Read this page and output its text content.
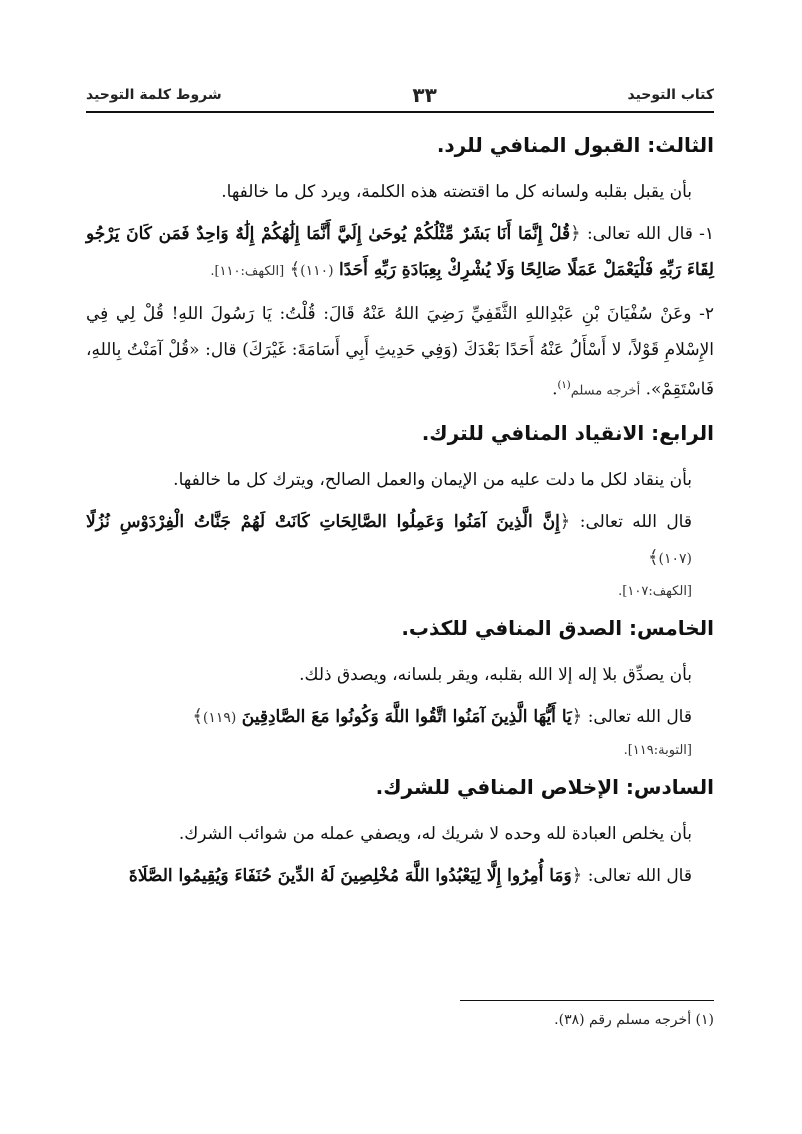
كتاب التوحيد
٣٣
شروط كلمة التوحيد
الثالث: القبول المنافي للرد.

بأن يقبل بقلبه ولسانه كل ما اقتضته هذه الكلمة، ويرد كل ما خالفها.

١- قال الله تعالى: ﴿قُلْ إِنَّمَا أَنَا بَشَرٌ مِّثْلُكُمْ يُوحَىٰ إِلَيَّ أَنَّمَا إِلَٰهُكُمْ إِلَٰهٌ وَاحِدٌ فَمَن كَانَ يَرْجُو لِقَاءَ رَبِّهِ فَلْيَعْمَلْ عَمَلًا صَالِحًا وَلَا يُشْرِكْ بِعِبَادَةِ رَبِّهِ أَحَدًا (١١٠)﴾ [الكهف:١١٠].

٢- وعَنْ سُفْيَانَ بْنِ عَبْدِاللهِ الثَّقَفِيِّ رَضِيَ اللهُ عَنْهُ قَالَ: قُلْتُ: يَا رَسُولَ اللهِ! قُلْ لِي فِي الإِسْلامِ قَوْلاً، لا أَسْأَلُ عَنْهُ أَحَدًا بَعْدَكَ (وَفِي حَدِيثِ أَبِي أَسَامَةَ: غَيْرَكَ) قال: «قُلْ آمَنْتُ بِاللهِ، فَاسْتَقِمْ». أخرجه مسلم$^{(١)}$.

الرابع: الانقياد المنافي للترك.

بأن ينقاد لكل ما دلت عليه من الإيمان والعمل الصالح، ويترك كل ما خالفها.

قال الله تعالى: ﴿إِنَّ الَّذِينَ آمَنُوا وَعَمِلُوا الصَّالِحَاتِ كَانَتْ لَهُمْ جَنَّاتُ الْفِرْدَوْسِ نُزُلًا (١٠٧)﴾

[الكهف:١٠٧].
الخامس: الصدق المنافي للكذب.

بأن يصدِّق بلا إله إلا الله بقلبه، ويقر بلسانه، ويصدق ذلك.

قال الله تعالى: ﴿يَا أَيُّهَا الَّذِينَ آمَنُوا اتَّقُوا اللَّهَ وَكُونُوا مَعَ الصَّادِقِينَ (١١٩)﴾

[التوبة:١١٩].
السادس: الإخلاص المنافي للشرك.

بأن يخلص العبادة لله وحده لا شريك له، ويصفي عمله من شوائب الشرك.

قال الله تعالى: ﴿وَمَا أُمِرُوا إِلَّا لِيَعْبُدُوا اللَّهَ مُخْلِصِينَ لَهُ الدِّينَ حُنَفَاءَ وَيُقِيمُوا الصَّلَاةَ

(١) أخرجه مسلم رقم (٣٨).
